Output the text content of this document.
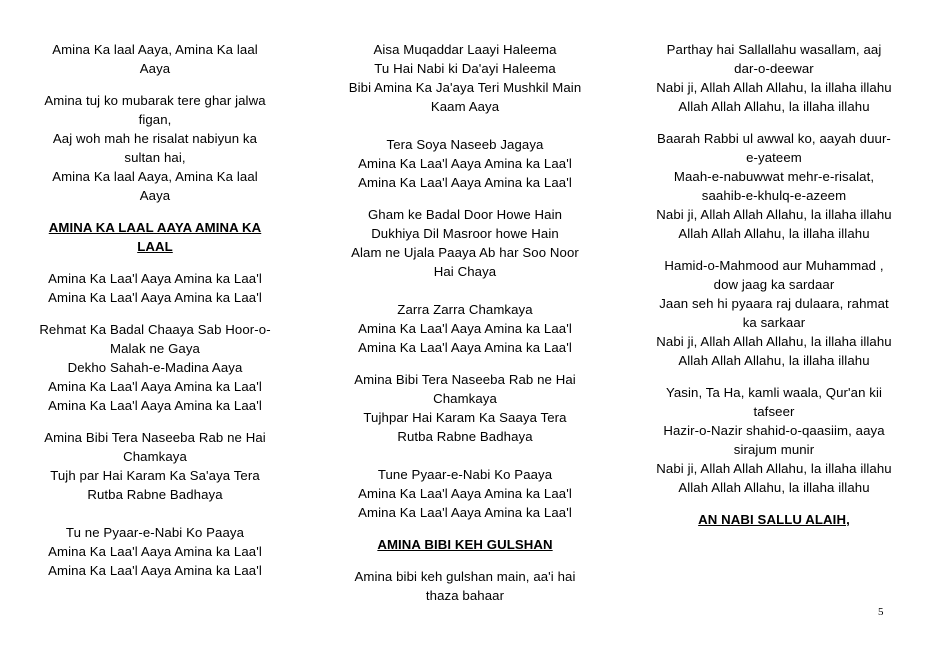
Amina Ka laal Aaya, Amina Ka laal Aaya
Amina tuj ko mubarak tere ghar jalwa figan,
Aaj woh mah he risalat nabiyun ka sultan hai,
Amina Ka laal Aaya, Amina Ka laal Aaya
AMINA KA LAAL AAYA AMINA KA LAAL
Amina Ka Laa'l Aaya Amina ka Laa'l
Amina Ka Laa'l Aaya Amina ka Laa'l
Rehmat Ka Badal Chaaya Sab Hoor-o-Malak ne Gaya
Dekho Sahah-e-Madina Aaya
Amina Ka Laa'l Aaya Amina ka Laa'l
Amina Ka Laa'l Aaya Amina ka Laa'l
Amina Bibi Tera Naseeba Rab ne Hai Chamkaya
Tujh par Hai Karam Ka Sa'aya Tera Rutba Rabne Badhaya
Tu ne Pyaar-e-Nabi Ko Paaya
Amina Ka Laa'l Aaya Amina ka Laa'l
Amina Ka Laa'l Aaya Amina ka Laa'l
Aisa Muqaddar Laayi Haleema
Tu Hai Nabi ki Da'ayi Haleema
Bibi Amina Ka Ja'aya Teri Mushkil Main Kaam Aaya
Tera Soya Naseeb Jagaya
Amina Ka Laa'l Aaya Amina ka Laa'l
Amina Ka Laa'l Aaya Amina ka Laa'l
Gham ke Badal Door Howe Hain
Dukhiya Dil Masroor howe Hain
Alam ne Ujala Paaya Ab har Soo Noor Hai Chaya
Zarra Zarra Chamkaya
Amina Ka Laa'l Aaya Amina ka Laa'l
Amina Ka Laa'l Aaya Amina ka Laa'l
Amina Bibi Tera Naseeba Rab ne Hai Chamkaya
Tujhpar Hai Karam Ka Saaya Tera Rutba Rabne Badhaya
Tune Pyaar-e-Nabi Ko Paaya
Amina Ka Laa'l Aaya Amina ka Laa'l
Amina Ka Laa'l Aaya Amina ka Laa'l
AMINA BIBI KEH GULSHAN
Amina bibi keh gulshan main, aa'i hai thaza bahaar
Parthay hai Sallallahu wasallam, aaj dar-o-deewar
Nabi ji, Allah Allah Allahu, la illaha illahu
Allah Allah Allahu, la illaha illahu
Baarah Rabbi ul awwal ko, aayah duur-e-yateem
Maah-e-nabuwwat mehr-e-risalat, saahib-e-khulq-e-azeem
Nabi ji, Allah Allah Allahu, la illaha illahu
Allah Allah Allahu, la illaha illahu
Hamid-o-Mahmood aur Muhammad , dow jaag ka sardaar
Jaan seh hi pyaara raj dulaara, rahmat ka sarkaar
Nabi ji, Allah Allah Allahu, la illaha illahu
Allah Allah Allahu, la illaha illahu
Yasin, Ta Ha, kamli waala, Qur'an kii tafseer
Hazir-o-Nazir shahid-o-qaasiim, aaya sirajum munir
Nabi ji, Allah Allah Allahu, la illaha illahu
Allah Allah Allahu, la illaha illahu
AN NABI SALLU ALAIH,
5
